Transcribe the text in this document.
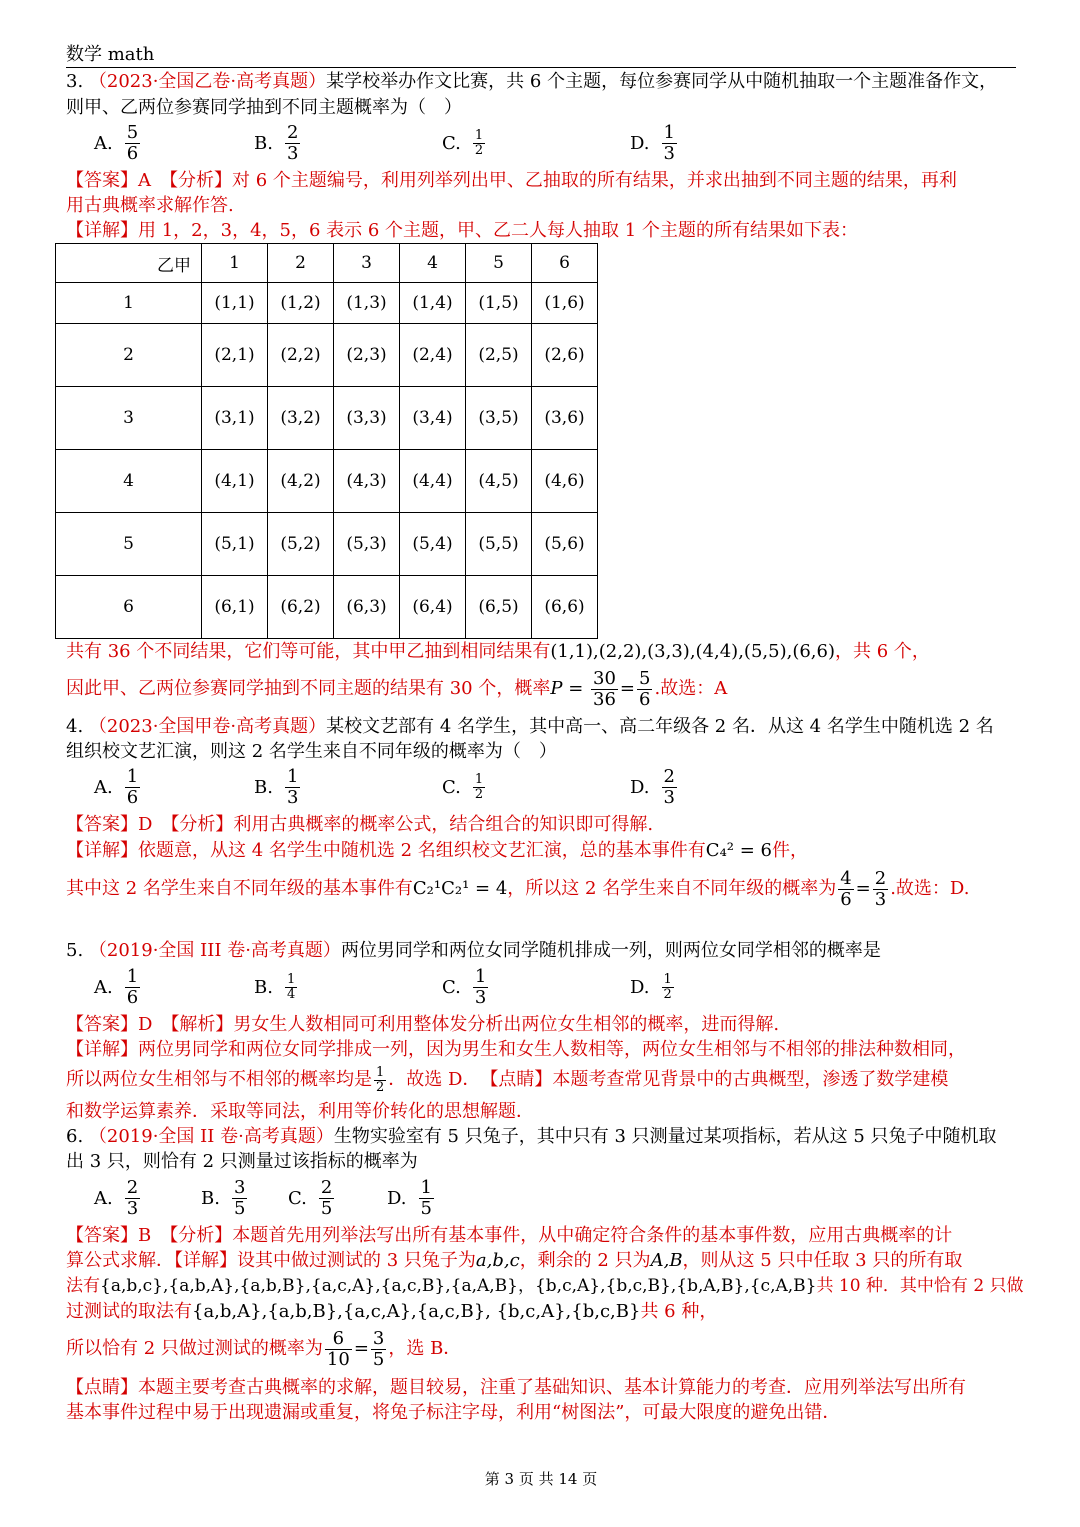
数学 math
3. （2023·全国乙卷·高考真题）某学校举办作文比赛，共 6 个主题，每位参赛同学从中随机抽取一个主题准备作文，
则甲、乙两位参赛同学抽到不同主题概率为（　）
A. $\frac{5}{6}$	B. $\frac{2}{3}$	C. $\frac{1}{2}$	D. $\frac{1}{3}$
【答案】A　【分析】对 6 个主题编号，利用列举列出甲、乙抽取的所有结果，并求出抽到不同主题的结果，再利
用古典概率求解作答.
【详解】用 1，2，3，4，5，6 表示 6 个主题，甲、乙二人每人抽取 1 个主题的所有结果如下表：
共有 36 个不同结果，它们等可能，其中甲乙抽到相同结果有(1,1),(2,2),(3,3),(4,4),(5,5),(6,6)，共 6 个，
因此甲、乙两位参赛同学抽到不同主题的结果有 30 个，概率 $P = \frac{30}{36} = \frac{5}{6}$ .故选：A
4. （2023·全国甲卷·高考真题）某校文艺部有 4 名学生，其中高一、高二年级各 2 名．从这 4 名学生中随机选 2 名
组织校文艺汇演，则这 2 名学生来自不同年级的概率为（　）
A. $\frac{1}{6}$	B. $\frac{1}{3}$	C. $\frac{1}{2}$	D. $\frac{2}{3}$
【答案】D　【分析】利用古典概率的概率公式，结合组合的知识即可得解.
【详解】依题意，从这 4 名学生中随机选 2 名组织校文艺汇演，总的基本事件有C₄² = 6件，
其中这 2 名学生来自不同年级的基本事件有 C₂¹C₂¹ = 4 ，所以这 2 名学生来自不同年级的概率为 $\frac{4}{6} = \frac{2}{3}$ .故选：D.
5. （2019·全国 III 卷·高考真题）两位男同学和两位女同学随机排成一列，则两位女同学相邻的概率是
A. $\frac{1}{6}$	B. $\frac{1}{4}$	C. $\frac{1}{3}$	D. $\frac{1}{2}$
【答案】D　【解析】男女生人数相同可利用整体发分析出两位女生相邻的概率，进而得解.
【详解】两位男同学和两位女同学排成一列，因为男生和女生人数相等，两位女生相邻与不相邻的排法种数相同，
所以两位女生相邻与不相邻的概率均是 $\frac{1}{2}$ ．故选 D．　【点睛】本题考查常见背景中的古典概型，渗透了数学建模
和数学运算素养．采取等同法，利用等价转化的思想解题．
6. （2019·全国 II 卷·高考真题）生物实验室有 5 只兔子，其中只有 3 只测量过某项指标，若从这 5 只兔子中随机取
出 3 只，则恰有 2 只测量过该指标的概率为
A. $\frac{2}{3}$	B. $\frac{3}{5} C$. $\frac{2}{5}$	D. $\frac{1}{5}$
【答案】B　【分析】本题首先用列举法写出所有基本事件，从中确定符合条件的基本事件数，应用古典概率的计
算公式求解．【详解】设其中做过测试的 3 只兔子为a,b,c，剩余的 2 只为A,B，则从这 5 只中任取 3 只的所有取
法有{a,b,c},{a,b,A},{a,b,B},{a,c,A},{a,c,B},{a,A,B}，{b,c,A},{b,c,B},{b,A,B},{c,A,B}共 10 种．其中恰有 2 只做
过测试的取法有{a,b,A},{a,b,B},{a,c,A},{a,c,B}, {b,c,A},{b,c,B}共 6 种，
所以恰有 2 只做过测试的概率为 $\frac{6}{10} = \frac{3}{5}$ ，选 B．
【点睛】本题主要考查古典概率的求解，题目较易，注重了基础知识、基本计算能力的考查．应用列举法写出所有
基本事件过程中易于出现遗漏或重复，将兔子标注字母，利用“树图法”，可最大限度的避免出错．
第 3 页 共 14 页
乙甲	1	2	3	4	5	6
1	(1,1)	(1,2)	(1,3)	(1,4)	(1,5)	(1,6)
2	(2,1)	(2,2)	(2,3)	(2,4)	(2,5)	(2,6)
3	(3,1)	(3,2)	(3,3)	(3,4)	(3,5)	(3,6)
4	(4,1)	(4,2)	(4,3)	(4,4)	(4,5)	(4,6)
5	(5,1)	(5,2)	(5,3)	(5,4)	(5,5)	(5,6)
6	(6,1)	(6,2)	(6,3)	(6,4)	(6,5)	(6,6)
